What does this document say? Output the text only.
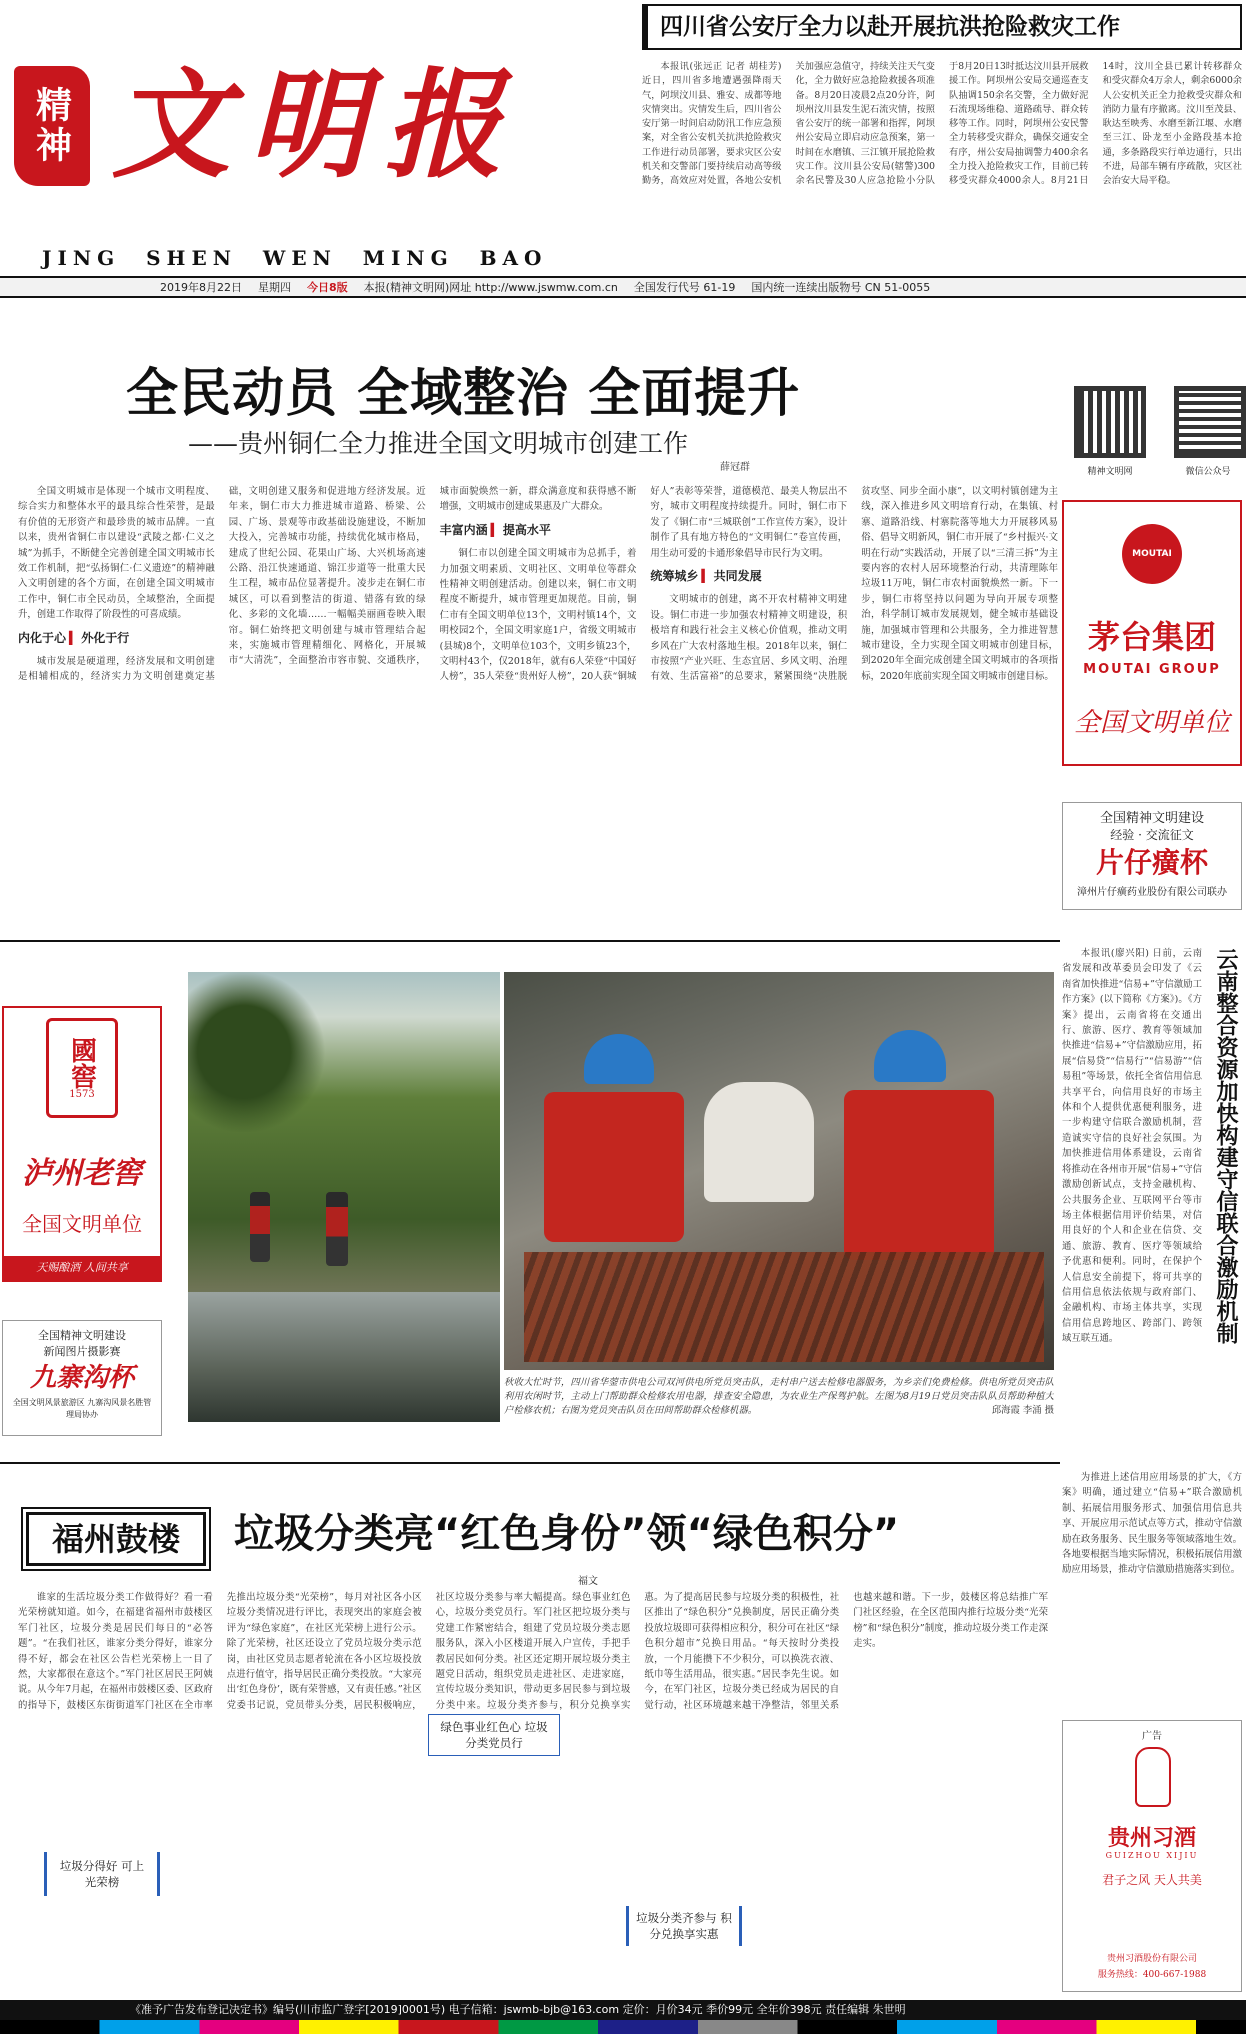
精神 文明报
JING  SHEN  WEN  MING  BAO
四川省公安厅全力以赴开展抗洪抢险救灾工作
本报讯(张远正 记者 胡桂芳) 近日，四川省多地遭遇强降雨天气，阿坝汶川县、雅安、成都等地灾情突出。灾情发生后，四川省公安厅第一时间启动防汛工作应急预案，对全省公安机关抗洪抢险救灾工作进行动员部署，要求灾区公安机关和交警部门要持续启动高等级勤务，高效应对处置，各地公安机关加强应急值守，持续关注天气变化，全力做好应急抢险救援各项准备。8月20日凌晨2点20分许，阿坝州汶川县发生泥石流灾情，按照省公安厅的统一部署和指挥，阿坝州公安局立即启动应急预案，第一时间在水磨镇、三江镇开展抢险救灾工作。汶川县公安局(辖警)300余名民警及30人应急抢险小分队于8月20日13时抵达汶川县开展救援工作。阿坝州公安局交通巡查支队抽调150余名交警，全力做好泥石流现场维稳、道路疏导、群众转移等工作。同时，阿坝州公安民警全力转移受灾群众，确保交通安全有序，州公安局抽调警力400余名全力投入抢险救灾工作，目前已转移受灾群众4000余人。8月21日14时，汶川全县已累计转移群众和受灾群众4万余人，剩余6000余人公安机关正全力抢救受灾群众和消防力量有序撤离。汶川至茂县、耿达至映秀、水磨至新江堰、水磨至三江、卧龙至小金路段基本抢通，多条路段实行单边通行，只出不进，局部车辆有序疏散，灾区社会治安大局平稳。
2019年8月22日 星期四 今日8版 本报(精神文明网)网址 http://www.jswmw.com.cn 全国发行代号 61-19 国内统一连续出版物号 CN 51-0055
全民动员 全域整治 全面提升
——贵州铜仁全力推进全国文明城市创建工作
薛冠群	精神文明网	微信公众号

全国文明城市是体现一个城市文明程度、综合实力和整体水平的最具综合性荣誉，是最有价值的无形资产和最珍贵的城市品牌。一直以来，贵州省铜仁市以建设“武陵之都·仁义之城”为抓手，不断健全完善创建全国文明城市长效工作机制，把“弘扬铜仁·仁义遗迹”的精神融入文明创建的各个方面，在创建全国文明城市工作中，铜仁市全民动员，全域整治，全面提升，创建工作取得了阶段性的可喜成绩。

内化于心 ▍ 外化于行

城市发展是硬道理，经济发展和文明创建是相辅相成的，经济实力为文明创建奠定基础，文明创建又服务和促进地方经济发展。近年来，铜仁市大力推进城市道路、桥梁、公园、广场、景观等市政基础设施建设，不断加大投入，完善城市功能，持续优化城市格局，建成了世纪公园、花果山广场、大兴机场高速公路、沿江快速通道、锦江步道等一批重大民生工程，城市品位显著提升。凌步走在铜仁市城区，可以看到整洁的街道、错落有致的绿化、多彩的文化墙……一幅幅美丽画卷映入眼帘。铜仁始终把文明创建与城市管理结合起来，实施城市管理精细化、网格化，开展城市“大清洗”，全面整治市容市貌、交通秩序，城市面貌焕然一新，群众满意度和获得感不断增强，文明城市创建成果惠及广大群众。

丰富内涵 ▍ 提高水平

铜仁市以创建全国文明城市为总抓手，着力加强文明素质、文明社区、文明单位等群众性精神文明创建活动。创建以来，铜仁市文明程度不断提升，城市管理更加规范。目前，铜仁市有全国文明单位13个，文明村镇14个，文明校园2个，全国文明家庭1户，省级文明城市(县城)8个，文明单位103个，文明乡镇23个，文明村43个，仅2018年，就有6人荣登“中国好人榜”，35人荣登“贵州好人榜”，20人获“铜城好人”表彰等荣誉，道德模范、最美人物层出不穷，城市文明程度持续提升。同时，铜仁市下发了《铜仁市“三城联创”工作宣传方案》，设计制作了具有地方特色的“文明铜仁”卷宣传画，用生动可爱的卡通形象倡导市民行为文明。

统筹城乡 ▍ 共同发展

文明城市的创建，离不开农村精神文明建设。铜仁市进一步加强农村精神文明建设，积极培育和践行社会主义核心价值观，推动文明乡风在广大农村落地生根。2018年以来，铜仁市按照“产业兴旺、生态宜居、乡风文明、治理有效、生活富裕”的总要求，紧紧围绕“决胜脱贫攻坚、同步全面小康”，以文明村镇创建为主线，深入推进乡风文明培育行动，在集镇、村寨、道路沿线、村寨院落等地大力开展移风易俗、倡导文明新风，铜仁市开展了“乡村振兴·文明在行动”实践活动，开展了以“三清三拆”为主要内容的农村人居环境整治行动，共清理陈年垃圾11万吨，铜仁市农村面貌焕然一新。下一步，铜仁市将坚持以问题为导向开展专项整治，科学制订城市发展规划，健全城市基础设施，加强城市管理和公共服务，全力推进智慧城市建设，全力实现全国文明城市创建目标，到2020年全面完成创建全国文明城市的各项指标，2020年底前实现全国文明城市创建目标。

MOUTAI
茅台集团
MOUTAI GROUP
全国文明单位
全国精神文明建设
经验 · 交流征文
片仔癀杯
漳州片仔癀药业股份有限公司联办
云南整合资源加快构建守信联合激励机制

本报讯(廖兴阳) 日前，云南省发展和改革委员会印发了《云南省加快推进“信易+”守信激励工作方案》(以下简称《方案》)。《方案》提出，云南省将在交通出行、旅游、医疗、教育等领域加快推进“信易+”守信激励应用，拓展“信易贷”“信易行”“信易游”“信易租”等场景，依托全省信用信息共享平台，向信用良好的市场主体和个人提供优惠便利服务，进一步构建守信联合激励机制，营造诚实守信的良好社会氛围。为加快推进信用体系建设，云南省将推动在各州市开展“信易+”守信激励创新试点，支持金融机构、公共服务企业、互联网平台等市场主体根据信用评价结果，对信用良好的个人和企业在信贷、交通、旅游、教育、医疗等领域给予优惠和便利。同时，在保护个人信息安全前提下，将可共享的信用信息依法依规与政府部门、金融机构、市场主体共享，实现信用信息跨地区、跨部门、跨领域互联互通。

为推进上述信用应用场景的扩大，《方案》明确，通过建立“信易+”联合激励机制、拓展信用服务形式、加强信用信息共享、开展应用示范试点等方式，推动守信激励在政务服务、民生服务等领域落地生效。各地要根据当地实际情况，积极拓展信用激励应用场景，推动守信激励措施落实到位。

國窖
1573
泸州老窖
全国文明单位
天赐酿酒 人间共享
全国精神文明建设
新闻图片摄影赛
九寨沟杯
全国文明风景旅游区 九寨沟风景名胜管理局协办
秋收大忙时节，四川省华蓥市供电公司双河供电所党员突击队，走村串户送去检修电器服务，为乡亲们免费检修。供电所党员突击队利用农闲时节，主动上门帮助群众检修农用电器，排查安全隐患，为农业生产保驾护航。左图为8月19日党员突击队队员帮助种植大户检修农机；右图为党员突击队员在田间帮助群众检修机器。	邱海霞 李涌 摄
福州鼓楼	垃圾分类亮“红色身份”领“绿色积分”
福文
谁家的生活垃圾分类工作做得好？看一看光荣榜就知道。如今，在福建省福州市鼓楼区军门社区，垃圾分类是居民们每日的“必答题”。“在我们社区，谁家分类分得好，谁家分得不好，都会在社区公告栏光荣榜上一目了然，大家都很在意这个。”军门社区居民王阿姨说。从今年7月起，在福州市鼓楼区委、区政府的指导下，鼓楼区东街街道军门社区在全市率先推出垃圾分类“光荣榜”，每月对社区各小区垃圾分类情况进行评比，表现突出的家庭会被评为“绿色家庭”，在社区光荣榜上进行公示。除了光荣榜，社区还设立了党员垃圾分类示范岗，由社区党员志愿者轮流在各小区垃圾投放点进行值守，指导居民正确分类投放。“大家亮出‘红色身份’，既有荣誉感，又有责任感。”社区党委书记说，党员带头分类，居民积极响应，社区垃圾分类参与率大幅提高。绿色事业红色心，垃圾分类党员行。军门社区把垃圾分类与党建工作紧密结合，组建了党员垃圾分类志愿服务队，深入小区楼道开展入户宣传，手把手教居民如何分类。社区还定期开展垃圾分类主题党日活动，组织党员走进社区、走进家庭，宣传垃圾分类知识，带动更多居民参与到垃圾分类中来。垃圾分类齐参与，积分兑换享实惠。为了提高居民参与垃圾分类的积极性，社区推出了“绿色积分”兑换制度，居民正确分类投放垃圾即可获得相应积分，积分可在社区“绿色积分超市”兑换日用品。“每天按时分类投放，一个月能攒下不少积分，可以换洗衣液、纸巾等生活用品，很实惠。”居民李先生说。如今，在军门社区，垃圾分类已经成为居民的自觉行动，社区环境越来越干净整洁，邻里关系也越来越和谐。下一步，鼓楼区将总结推广军门社区经验，在全区范围内推行垃圾分类“光荣榜”和“绿色积分”制度，推动垃圾分类工作走深走实。
垃圾分得好 可上光荣榜
绿色事业红色心 垃圾分类党员行
垃圾分类齐参与 积分兑换享实惠
广告
贵州习酒
GUIZHOU XIJIU
君子之风 天人共美
贵州习酒股份有限公司
服务热线：400-667-1988
《准予广告发布登记决定书》编号(川市监广登字[2019]0001号) 电子信箱：jswmb-bjb@163.com 定价：月价34元 季价99元 全年价398元 责任编辑 朱世明
